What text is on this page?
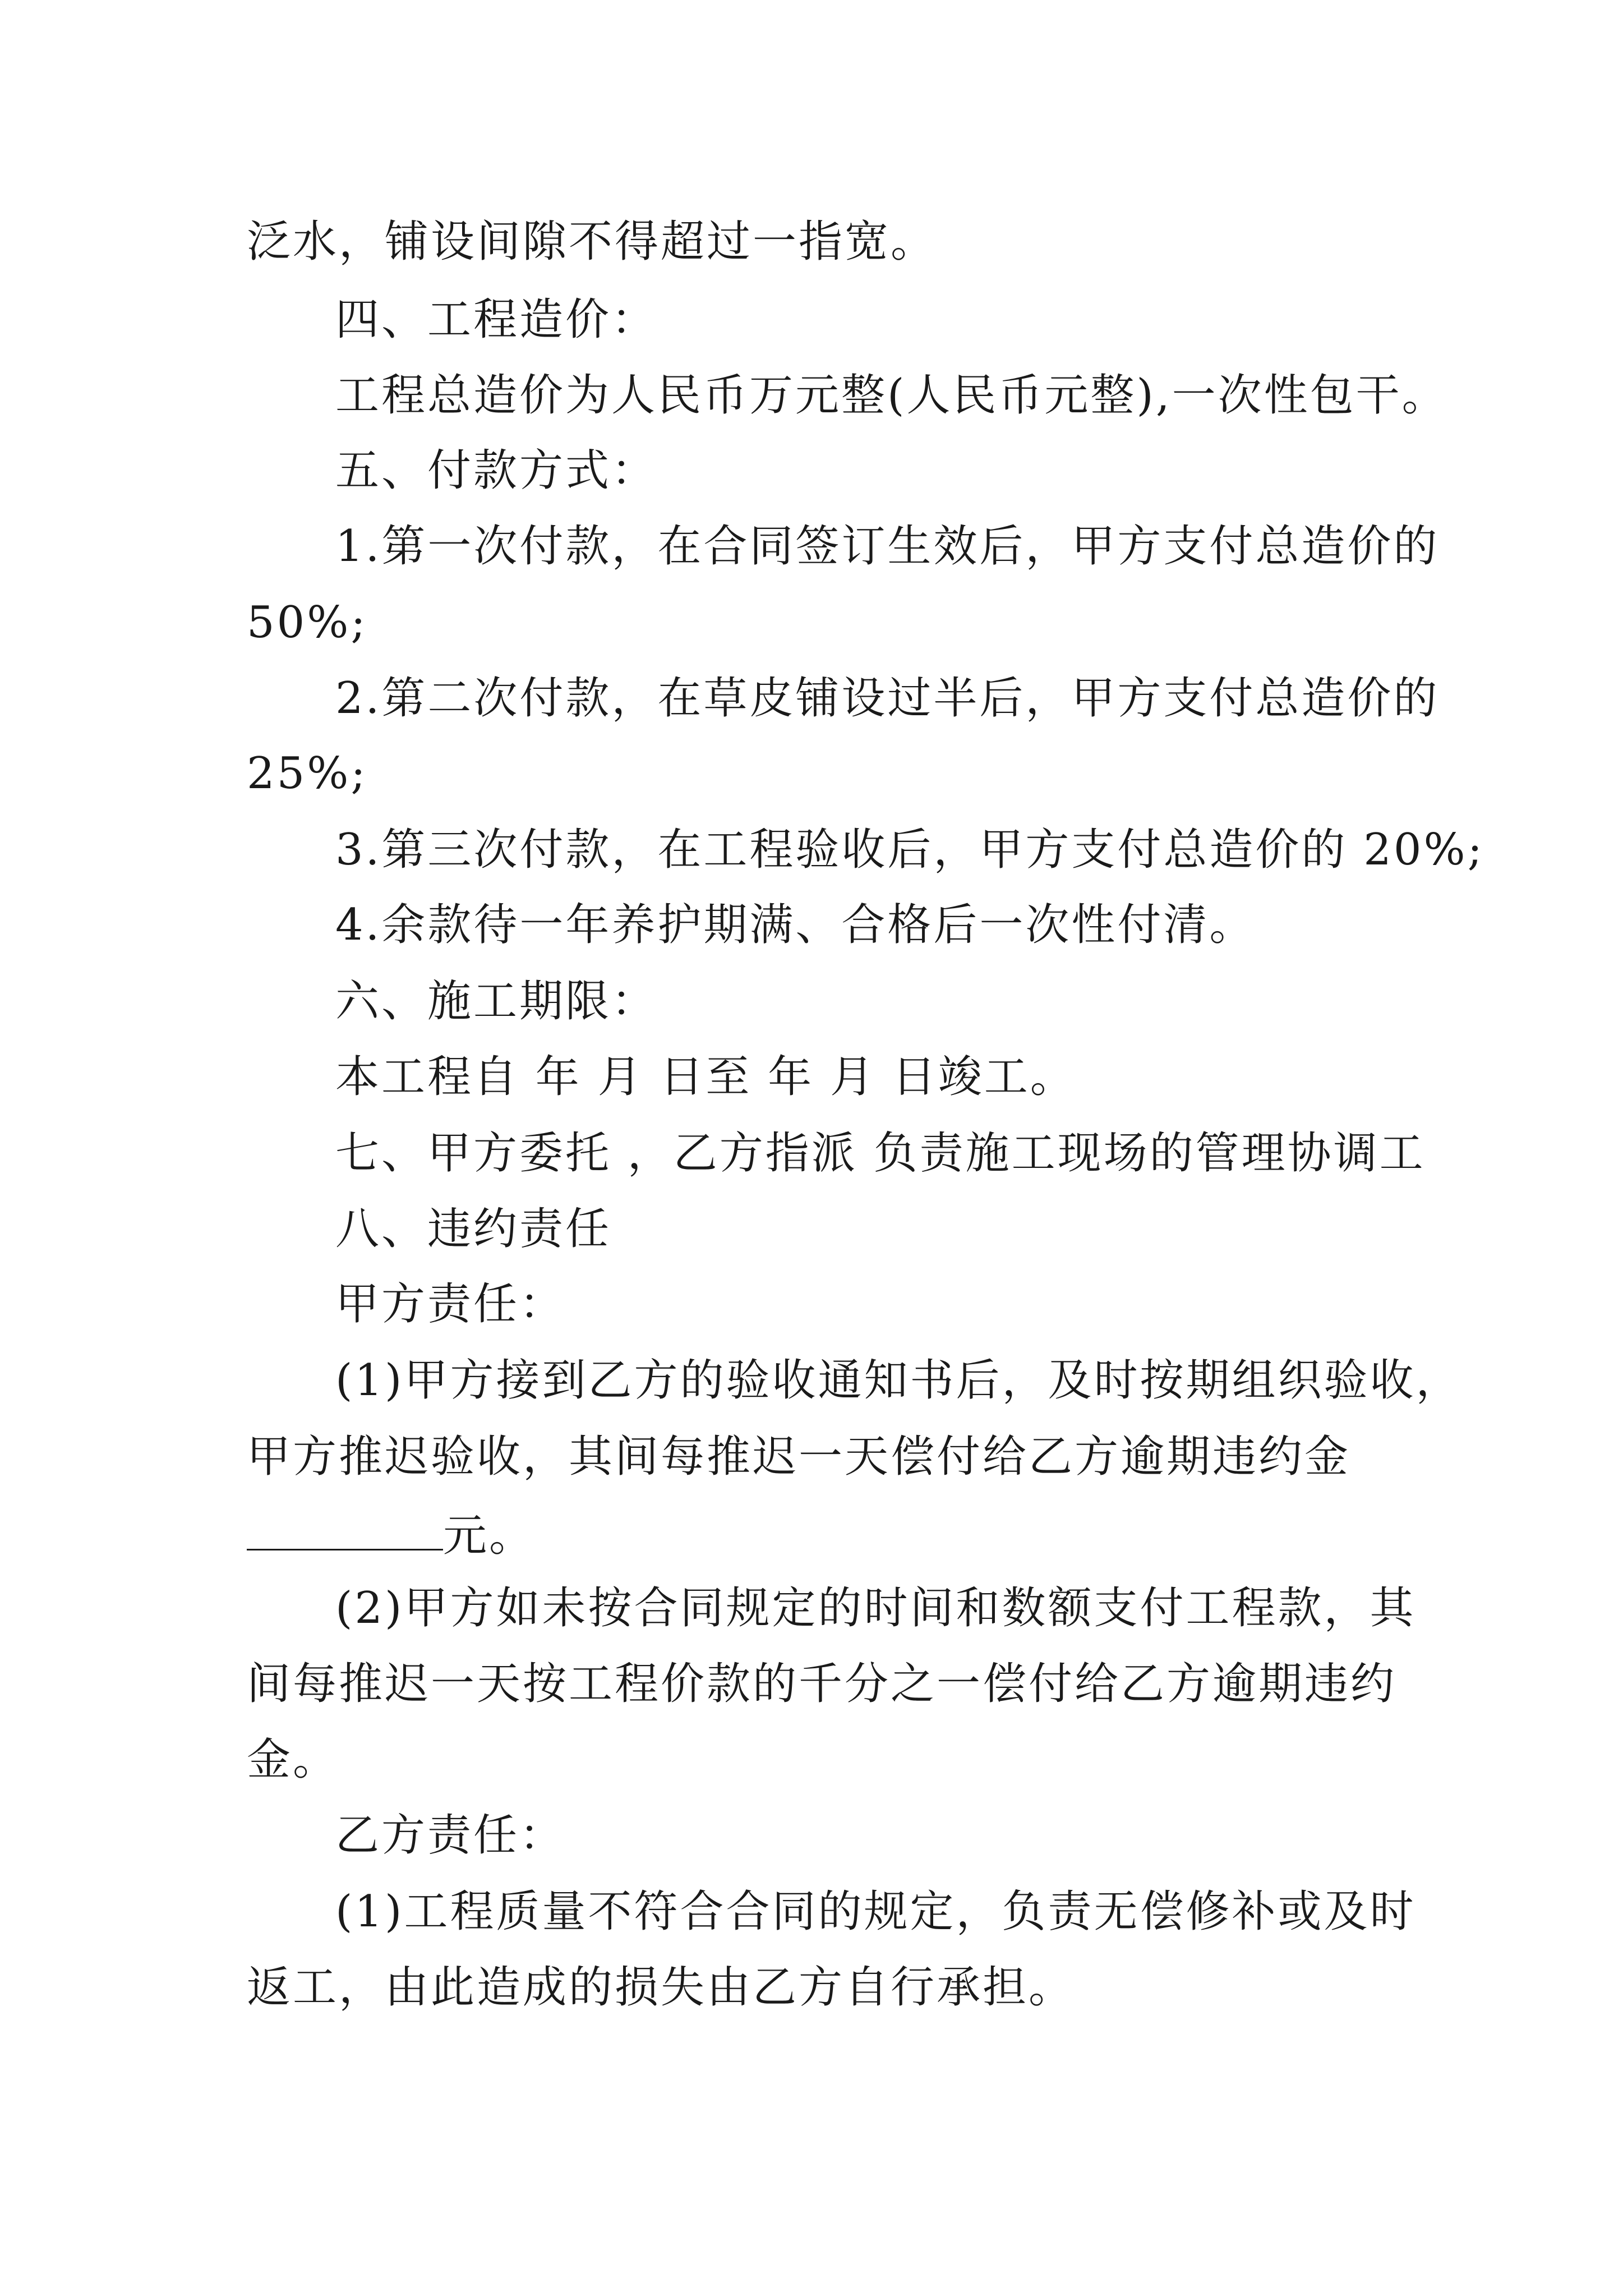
泛水，铺设间隙不得超过一指宽。
四、工程造价：
工程总造价为人民币万元整(人民币元整),一次性包干。
五、付款方式：
1.第一次付款，在合同签订生效后，甲方支付总造价的
50%;
2.第二次付款，在草皮铺设过半后，甲方支付总造价的
25%;
3.第三次付款，在工程验收后，甲方支付总造价的 20%;
4.余款待一年养护期满、合格后一次性付清。
六、施工期限：
本工程自 年 月 日至 年 月 日竣工。
七、甲方委托 ，乙方指派 负责施工现场的管理协调工
八、违约责任
甲方责任：
(1)甲方接到乙方的验收通知书后，及时按期组织验收，
甲方推迟验收，其间每推迟一天偿付给乙方逾期违约金
元。
(2)甲方如未按合同规定的时间和数额支付工程款，其
间每推迟一天按工程价款的千分之一偿付给乙方逾期违约
金。
乙方责任：
(1)工程质量不符合合同的规定，负责无偿修补或及时
返工，由此造成的损失由乙方自行承担。
